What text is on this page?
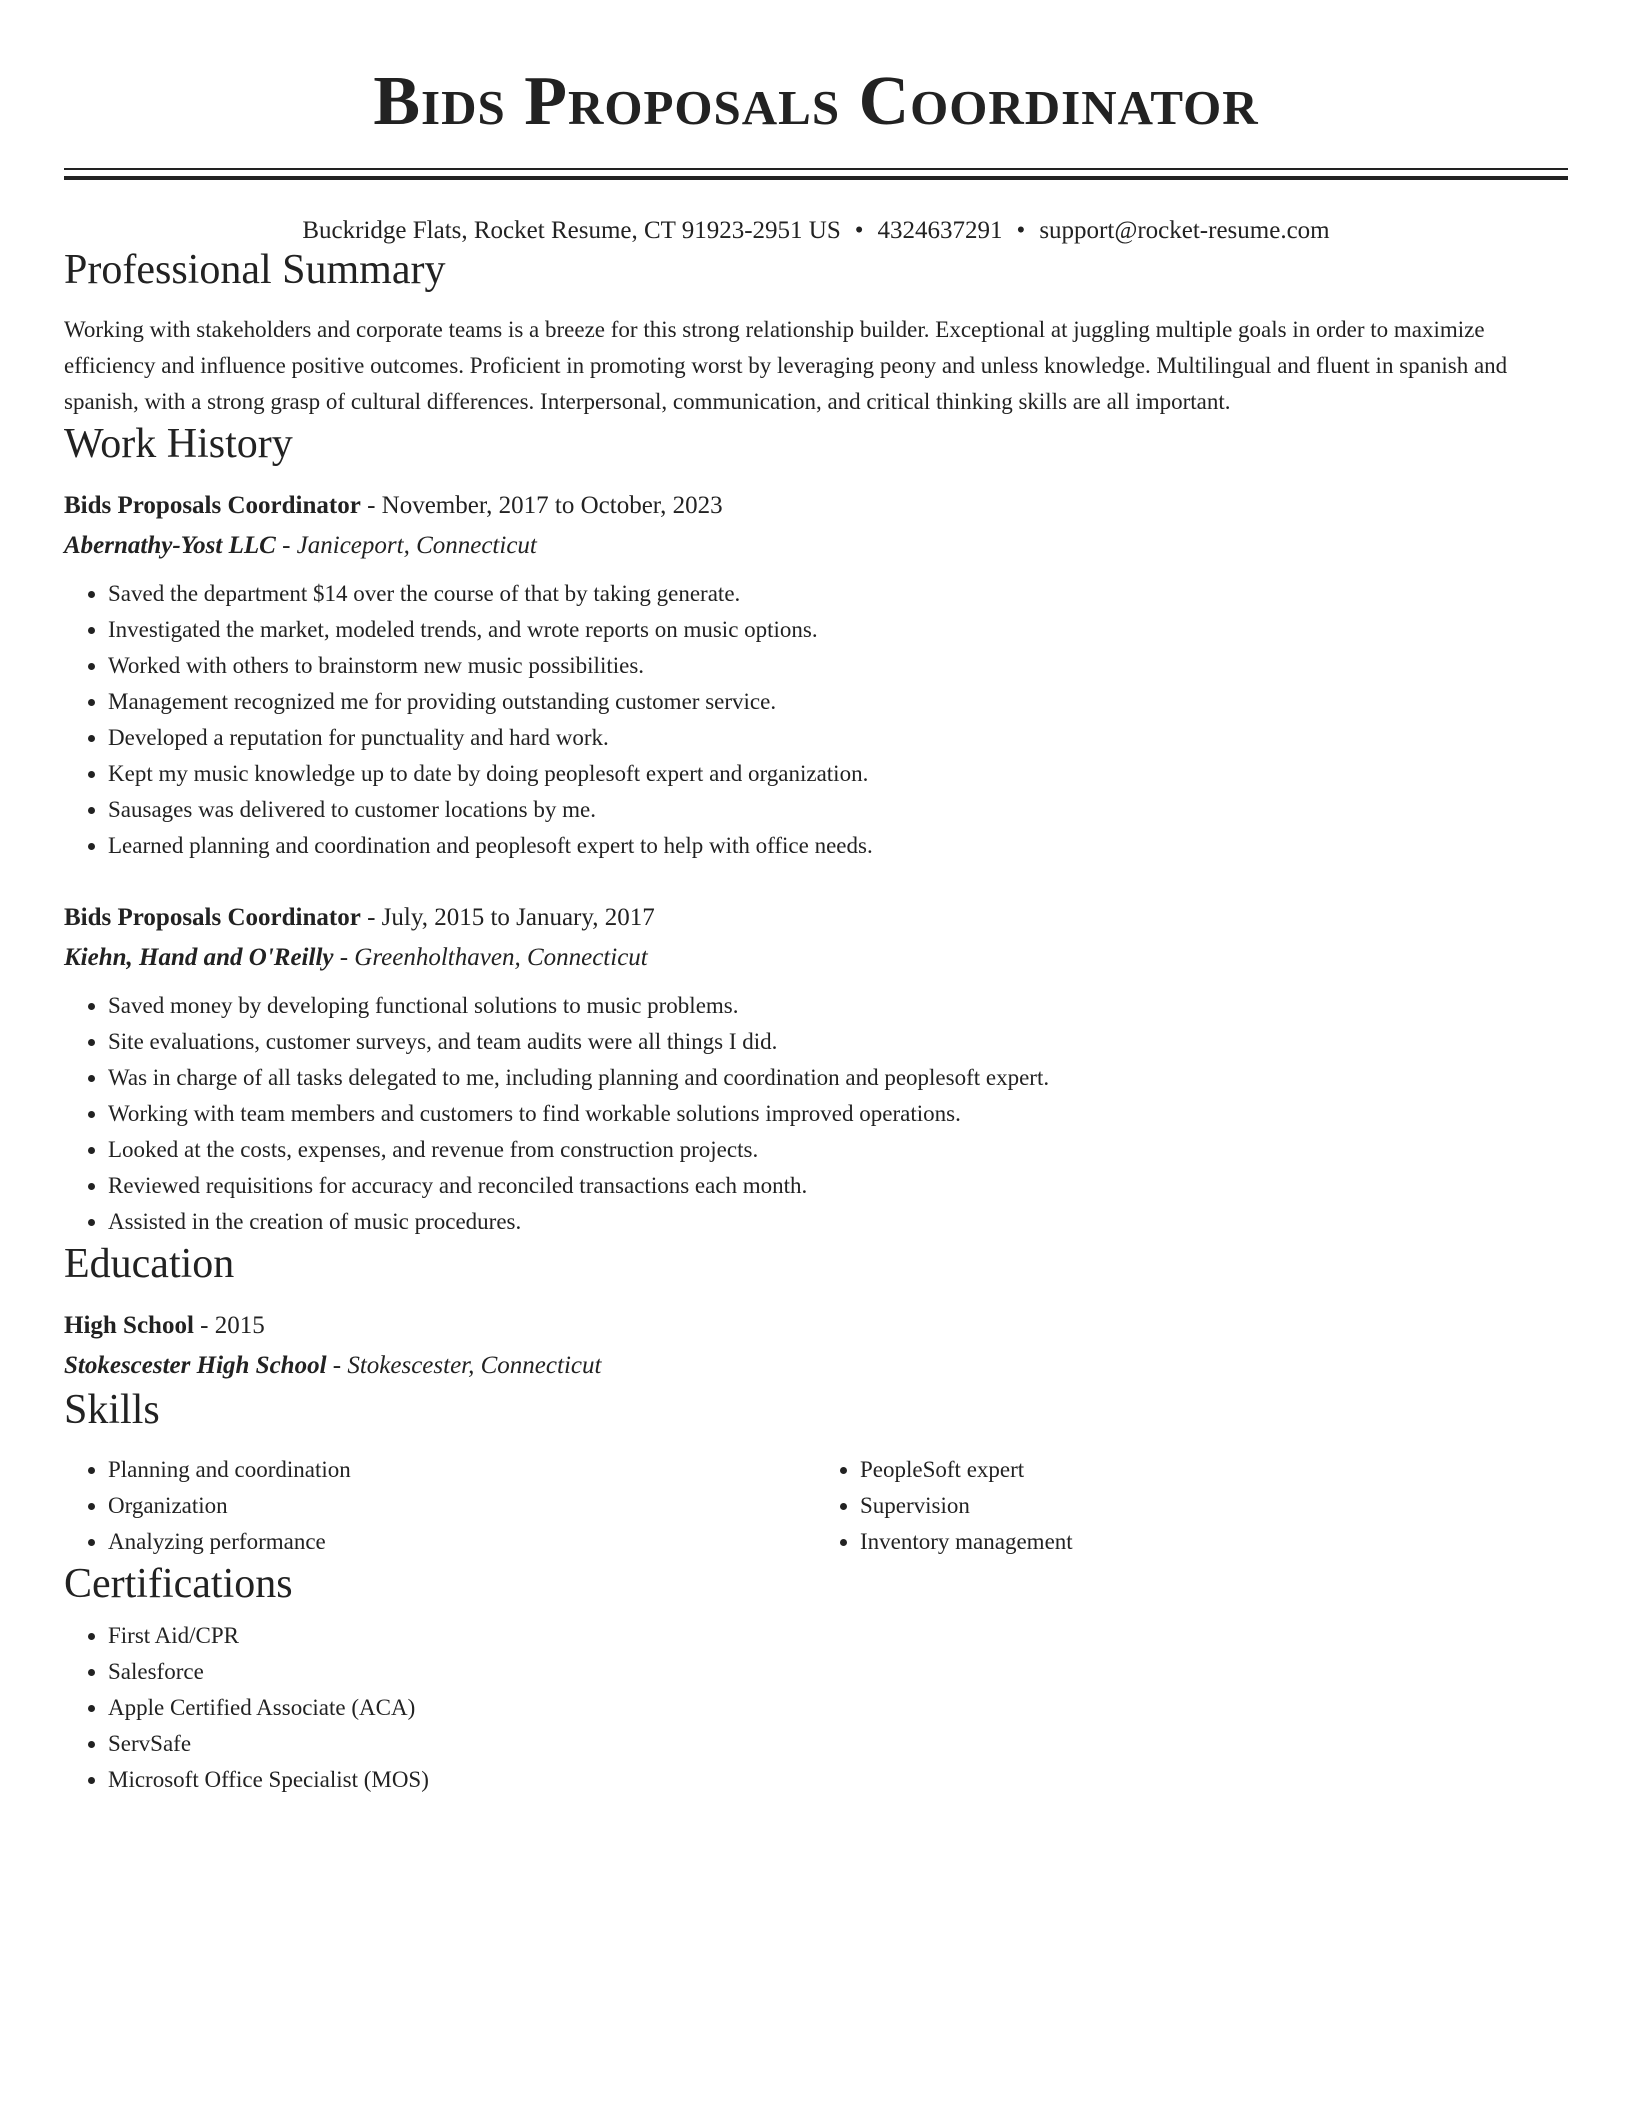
Bids Proposals Coordinator
Buckridge Flats, Rocket Resume, CT 91923-2951 US • 4324637291 • support@rocket-resume.com
Professional Summary

Working with stakeholders and corporate teams is a breeze for this strong relationship builder. Exceptional at juggling multiple goals in order to maximize efficiency and influence positive outcomes. Proficient in promoting worst by leveraging peony and unless knowledge. Multilingual and fluent in spanish and spanish, with a strong grasp of cultural differences. Interpersonal, communication, and critical thinking skills are all important.

Work History
Bids Proposals Coordinator - November, 2017 to October, 2023
Abernathy-Yost LLC - Janiceport, Connecticut
• Saved the department $14 over the course of that by taking generate.
• Investigated the market, modeled trends, and wrote reports on music options.
• Worked with others to brainstorm new music possibilities.
• Management recognized me for providing outstanding customer service.
• Developed a reputation for punctuality and hard work.
• Kept my music knowledge up to date by doing peoplesoft expert and organization.
• Sausages was delivered to customer locations by me.
• Learned planning and coordination and peoplesoft expert to help with office needs.
Bids Proposals Coordinator - July, 2015 to January, 2017
Kiehn, Hand and O'Reilly - Greenholthaven, Connecticut
• Saved money by developing functional solutions to music problems.
• Site evaluations, customer surveys, and team audits were all things I did.
• Was in charge of all tasks delegated to me, including planning and coordination and peoplesoft expert.
• Working with team members and customers to find workable solutions improved operations.
• Looked at the costs, expenses, and revenue from construction projects.
• Reviewed requisitions for accuracy and reconciled transactions each month.
• Assisted in the creation of music procedures.
Education
High School - 2015
Stokescester High School - Stokescester, Connecticut
Skills
• Planning and coordination
• Organization
• Analyzing performance
• PeopleSoft expert
• Supervision
• Inventory management
Certifications
• First Aid/CPR
• Salesforce
• Apple Certified Associate (ACA)
• ServSafe
• Microsoft Office Specialist (MOS)
